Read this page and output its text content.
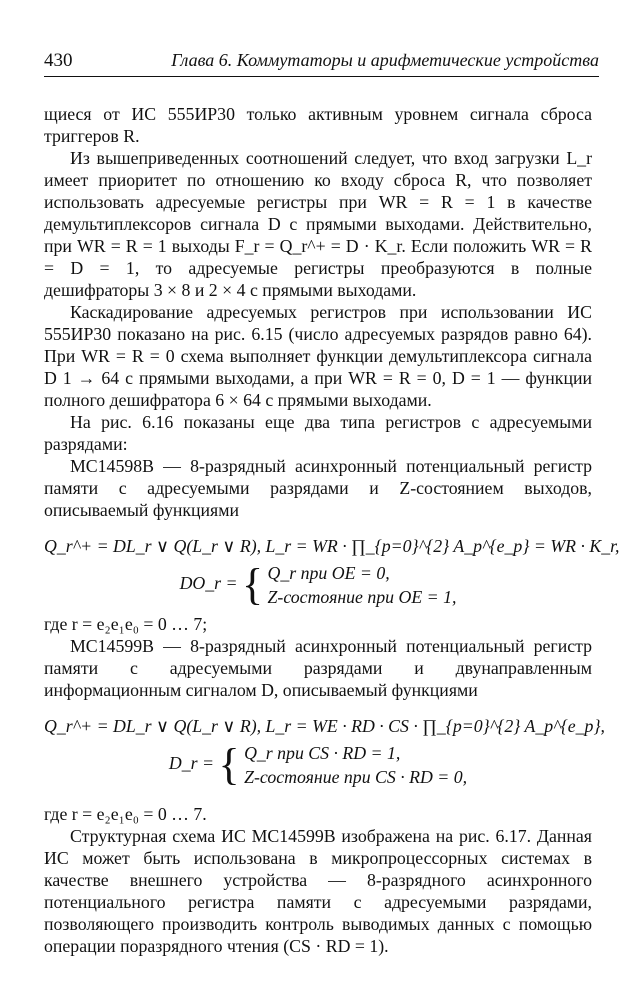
430	Глава 6. Коммутаторы и арифметические устройства

щиеся от ИС 555ИР30 только активным уровнем сигнала сброса триггеров R.

Из вышеприведенных соотношений следует, что вход загрузки L_r имеет приоритет по отношению ко входу сброса R, что позволяет использовать адресуемые регистры при WR = R = 1 в качестве демультиплексоров сигнала D с прямыми выходами. Действительно, при WR = R = 1 выходы F_r = Q_r^+ = D · K_r. Если положить WR = R = D = 1, то адресуемые регистры преобразуются в полные дешифраторы 3 × 8 и 2 × 4 с прямыми выходами.

Каскадирование адресуемых регистров при использовании ИС 555ИР30 показано на рис. 6.15 (число адресуемых разрядов равно 64). При WR = R = 0 схема выполняет функции демультиплексора сигнала D 1 → 64 с прямыми выходами, а при WR = R = 0, D = 1 — функции полного дешифратора 6 × 64 с прямыми выходами.

На рис. 6.16 показаны еще два типа регистров с адресуемыми разрядами:

MC14598B — 8-разрядный асинхронный потенциальный регистр памяти с адресуемыми разрядами и Z-состоянием выходов, описываемый функциями

Q_r^+ = DL_r ∨ Q(L_r ∨ R), L_r = WR · ∏_{p=0}^{2} A_p^{e_p} = WR · K_r,
DO_r = { Q_r при OE = 0,
Z-состояние при OE = 1,

где r = e₂e₁e₀ = 0 … 7;

MC14599B — 8-разрядный асинхронный потенциальный регистр памяти с адресуемыми разрядами и двунаправленным информационным сигналом D, описываемый функциями

Q_r^+ = DL_r ∨ Q(L_r ∨ R), L_r = WE · RD · CS · ∏_{p=0}^{2} A_p^{e_p},
D_r = { Q_r при CS · RD = 1,
Z-состояние при CS · RD = 0,

где r = e₂e₁e₀ = 0 … 7.

Структурная схема ИС MC14599B изображена на рис. 6.17. Данная ИС может быть использована в микропроцессорных системах в качестве внешнего устройства — 8-разрядного асинхронного потенциального регистра памяти с адресуемыми разрядами, позволяющего производить контроль выводимых данных с помощью операции поразрядного чтения (CS · RD = 1).
